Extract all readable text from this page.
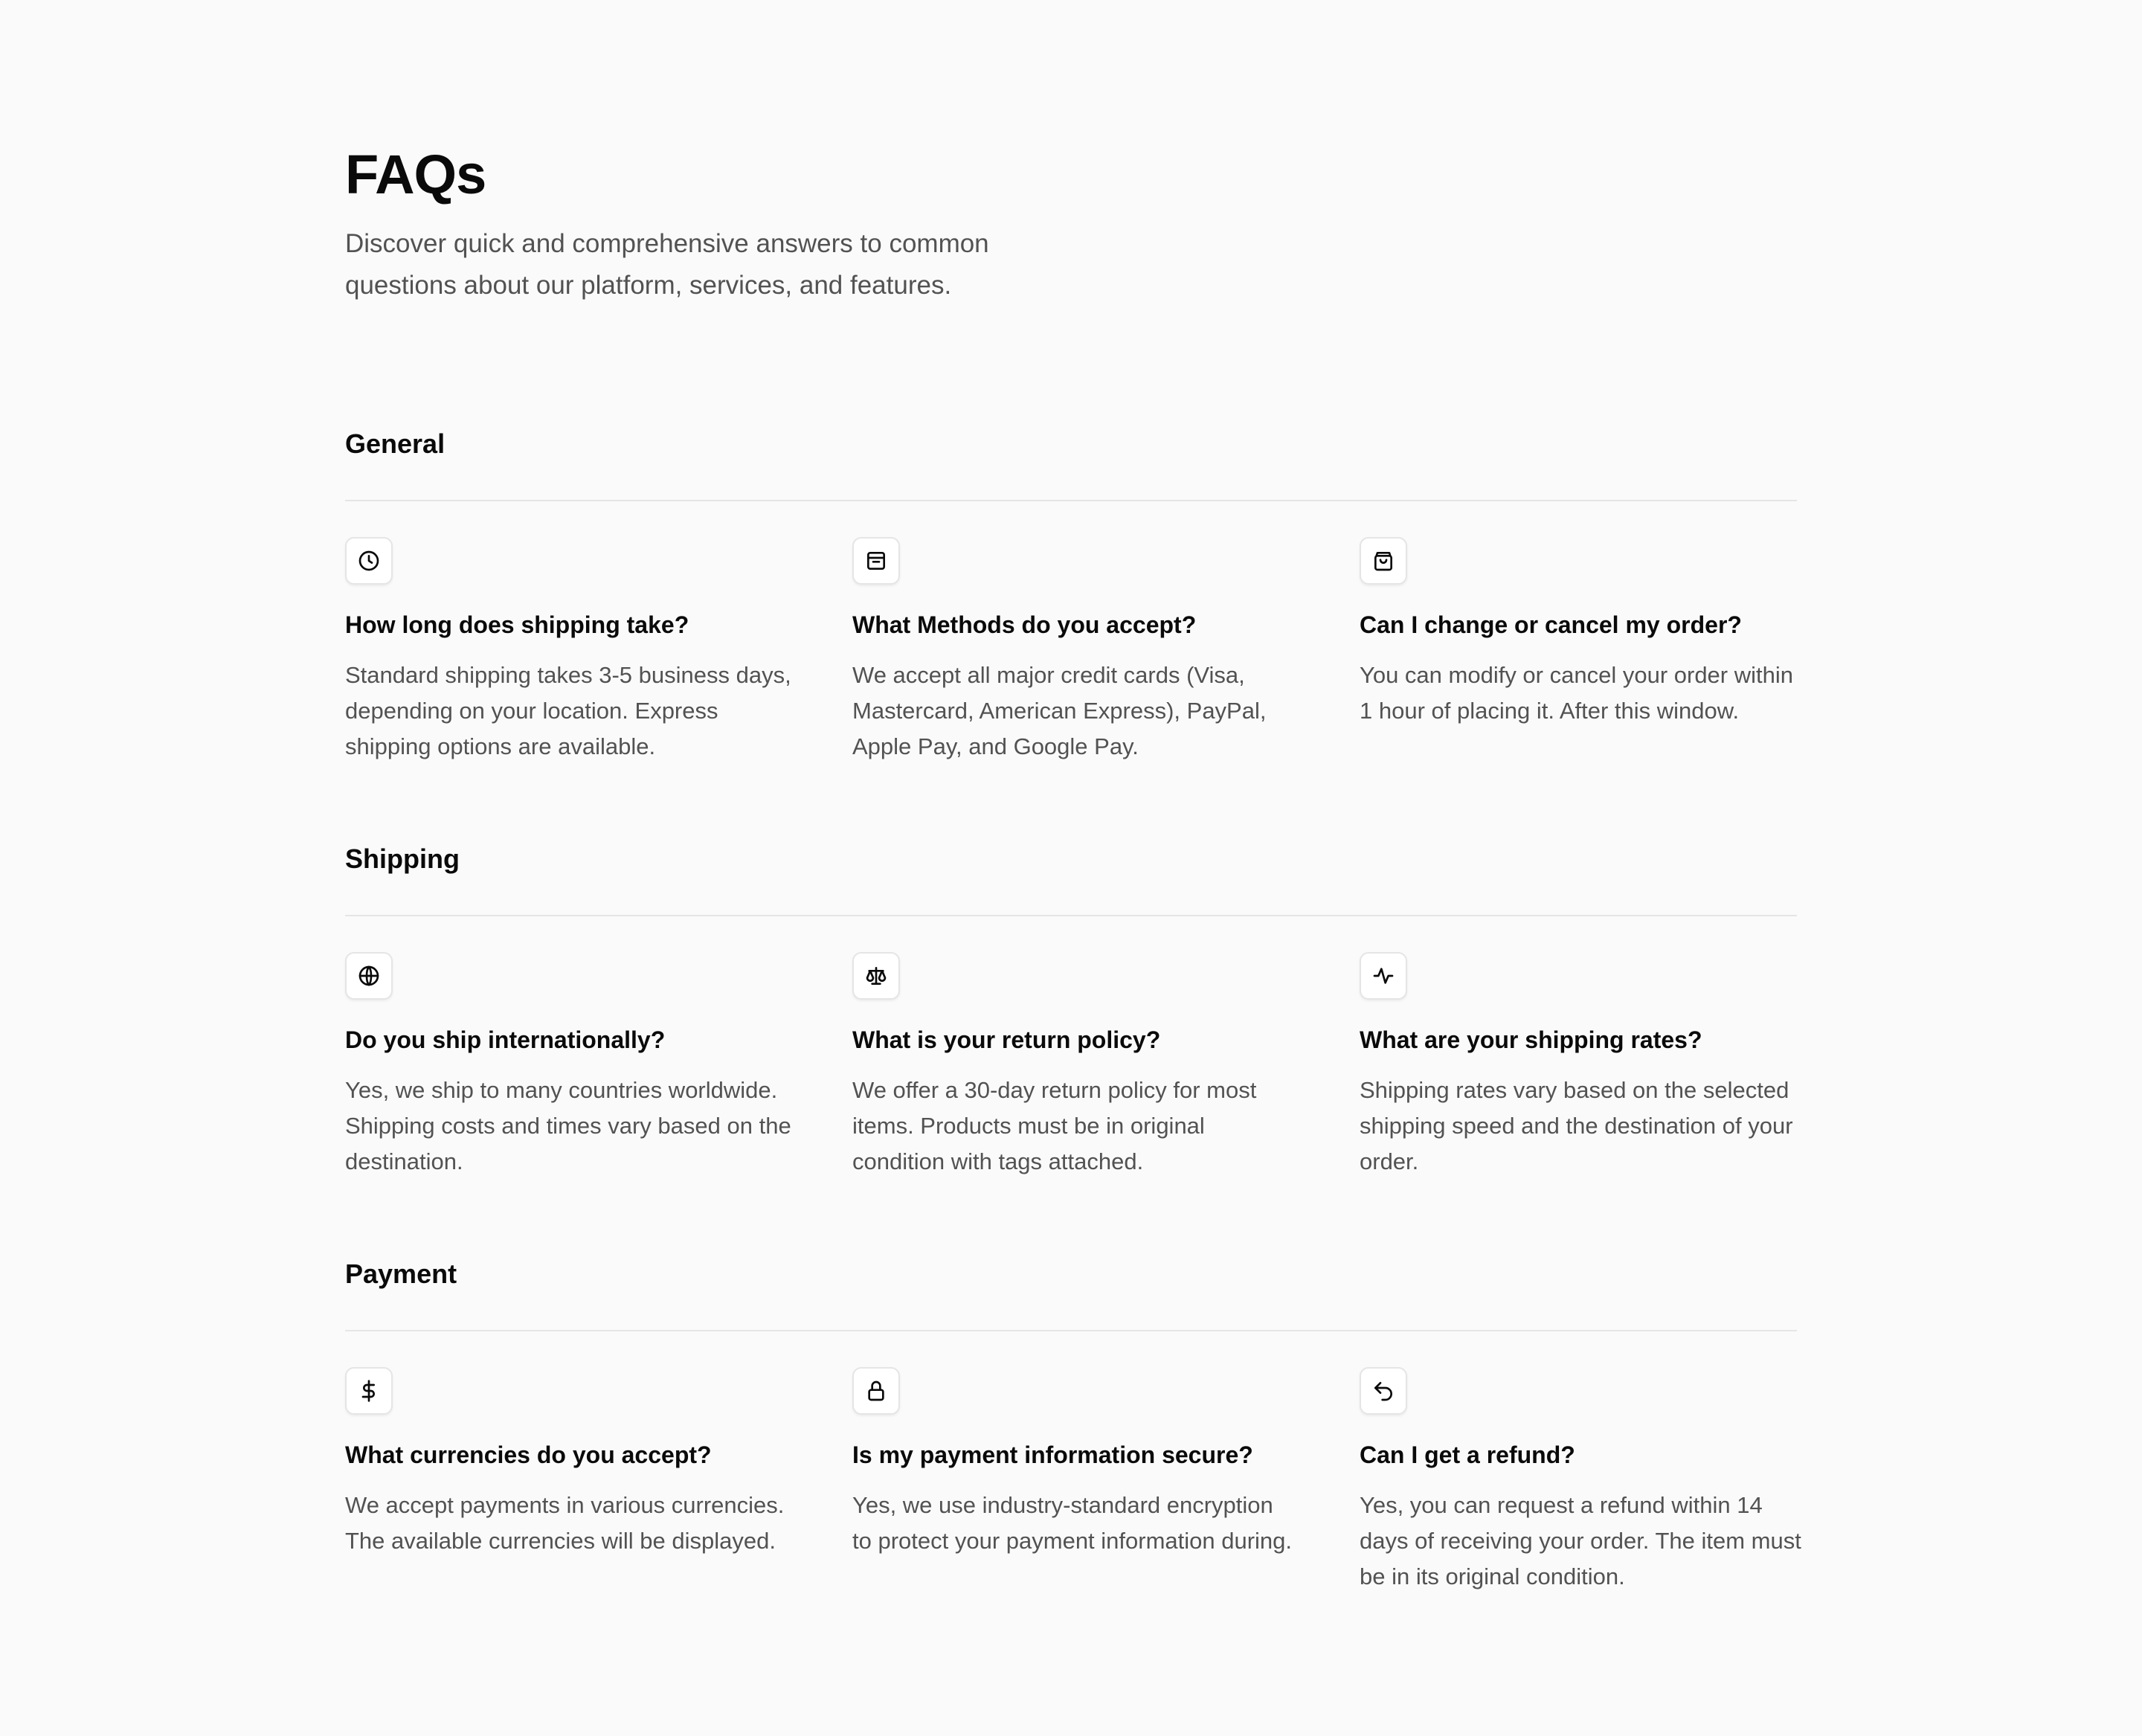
FAQs

Discover quick and comprehensive answers to common questions about our platform, services, and features.

General
How long does shipping take?

Standard shipping takes 3-5 business days, depending on your location. Express shipping options are available.

What Methods do you accept?

We accept all major credit cards (Visa, Mastercard, American Express), PayPal, Apple Pay, and Google Pay.

Can I change or cancel my order?

You can modify or cancel your order within 1 hour of placing it. After this window.

Shipping
Do you ship internationally?

Yes, we ship to many countries worldwide. Shipping costs and times vary based on the destination.

What is your return policy?

We offer a 30-day return policy for most items. Products must be in original condition with tags attached.

What are your shipping rates?

Shipping rates vary based on the selected shipping speed and the destination of your order.

Payment
What currencies do you accept?

We accept payments in various currencies. The available currencies will be displayed.

Is my payment information secure?

Yes, we use industry-standard encryption to protect your payment information during.

Can I get a refund?

Yes, you can request a refund within 14 days of receiving your order. The item must be in its original condition.
